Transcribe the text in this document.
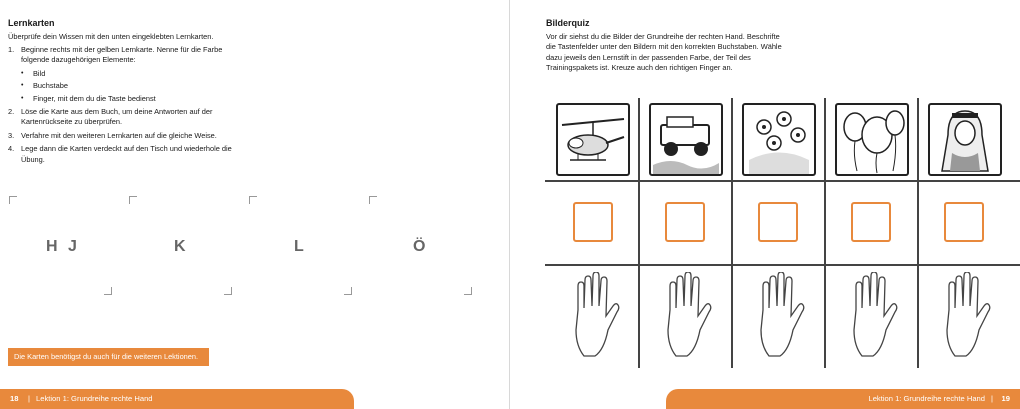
Lernkarten
Überprüfe dein Wissen mit den unten eingeklebten Lernkarten.
1. Beginne rechts mit der gelben Lernkarte. Nenne für die Farbe folgende dazugehörigen Elemente:
•	Bild
•	Buchstabe
•	Finger, mit dem du die Taste bedienst
2. Löse die Karte aus dem Buch, um deine Antworten auf der Kartenrückseite zu überprüfen.
3. Verfahre mit den weiteren Lernkarten auf die gleiche Weise.
4. Lege dann die Karten verdeckt auf den Tisch und wiederhole die Übung.
H J	K	L	Ö
Die Karten benötigst du auch für die weiteren Lektionen.
18 | Lektion 1: Grundreihe rechte Hand
Bilderquiz
Vor dir siehst du die Bilder der Grundreihe der rechten Hand. Beschrifte die Tastenfelder unter den Bildern mit den korrekten Buchstaben. Wähle dazu jeweils den Lernstift in der passenden Farbe, der Teil des Trainingspakets ist. Kreuze auch den richtigen Finger an.
Lektion 1: Grundreihe rechte Hand | 19
